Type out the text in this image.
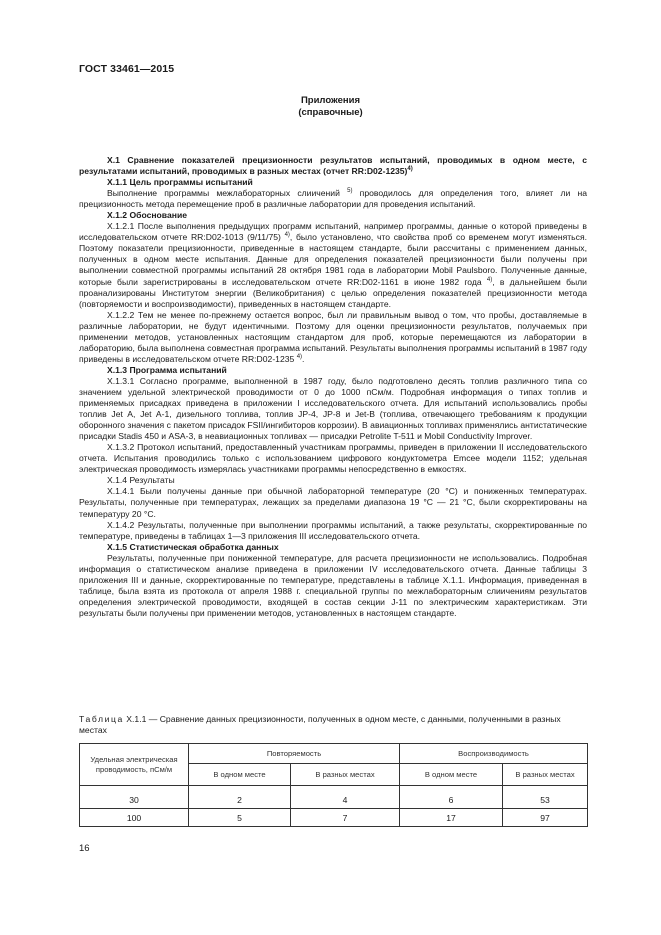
ГОСТ 33461—2015
Приложения
(справочные)

Х.1 Сравнение показателей прецизионности результатов испытаний, проводимых в одном месте, с результатами испытаний, проводимых в разных местах (отчет RR:D02-1235)$^{4)}$

Х.1.1 Цель программы испытаний

Выполнение программы межлабораторных слиичений $^{5)}$ проводилось для определения того, влияет ли на прецизионность метода перемещение проб в различные лаборатории для проведения испытаний.

Х.1.2 Обоснование

Х.1.2.1 После выполнения предыдущих программ испытаний, например программы, данные о которой приведены в исследовательском отчете RR:D02-1013 (9/11/75) $^{4)}$, было установлено, что свойства проб со временем могут изменяться. Поэтому показатели прецизионности, приведенные в настоящем стандарте, были рассчитаны с применением данных, полученных в одном месте испытания. Данные для определения показателей прецизионности были получены при выполнении совместной программы испытаний 28 октября 1981 года в лаборатории Mobil Paulsboro. Полученные данные, которые были зарегистрированы в исследовательском отчете RR:D02-1161 в июне 1982 года $^{4)}$, в дальнейшем были проанализированы Институтом энергии (Великобритания) с целью определения показателей прецизионности метода (повторяемости и воспроизводимости), приведенных в настоящем стандарте.

Х.1.2.2 Тем не менее по-прежнему остается вопрос, был ли правильным вывод о том, что пробы, доставляемые в различные лаборатории, не будут идентичными. Поэтому для оценки прецизионности результатов, получаемых при применении методов, установленных настоящим стандартом для проб, которые перемещаются из лаборатории в лабораторию, была выполнена совместная программа испытаний. Результаты выполнения программы испытаний в 1987 году приведены в исследовательском отчете RR:D02-1235 $^{4)}$.

Х.1.3 Программа испытаний

Х.1.3.1 Согласно программе, выполненной в 1987 году, было подготовлено десять топлив различного типа со значением удельной электрической проводимости от 0 до 1000 пСм/м. Подробная информация о типах топлив и применяемых присадках приведена в приложении I исследовательского отчета. Для испытаний использовались пробы топлив Jet A, Jet A-1, дизельного топлива, топлив JP-4, JP-8 и Jet-B (топлива, отвечающего требованиям к продукции оборонного значения с пакетом присадок FSII/ингибиторов коррозии). В авиационных топливах применялись антистатические присадки Stadis 450 и ASA-3, в неавиационных топливах — присадки Petrolite T-511 и Mobil Conductivity Improver.

Х.1.3.2 Протокол испытаний, предоставленный участникам программы, приведен в приложении II исследовательского отчета. Испытания проводились только с использованием цифрового кондуктометра Emcee модели 1152; удельная электрическая проводимость измерялась участниками программы непосредственно в емкостях.

Х.1.4 Результаты

Х.1.4.1 Были получены данные при обычной лабораторной температуре (20 °С) и пониженных температурах. Результаты, полученные при температурах, лежащих за пределами диапазона 19 °С — 21 °С, были скорректированы на температуру 20 °С.

Х.1.4.2 Результаты, полученные при выполнении программы испытаний, а также результаты, скорректированные по температуре, приведены в таблицах 1—3 приложения III исследовательского отчета.

Х.1.5 Статистическая обработка данных

Результаты, полученные при пониженной температуре, для расчета прецизионности не использовались. Подробная информация о статистическом анализе приведена в приложении IV исследовательского отчета. Данные таблицы 3 приложения III и данные, скорректированные по температуре, представлены в таблице Х.1.1. Информация, приведенная в таблице, была взята из протокола от апреля 1988 г. специальной группы по межлабораторным слиичениям результатов определения электрической проводимости, входящей в состав секции J-11 по электрическим характеристикам. Эти результаты были получены при применении методов, установленных в настоящем стандарте.

Таблица Х.1.1 — Сравнение данных прецизионности, полученных в одном месте, с данными, полученными в разных местах
Удельная электрическая проводимость, пСм/м	Повторяемость		Воспроизводимость	
	В одном месте	В разных местах	В одном месте	В разных местах
30	2	4	6	53
100	5	7	17	97
16
